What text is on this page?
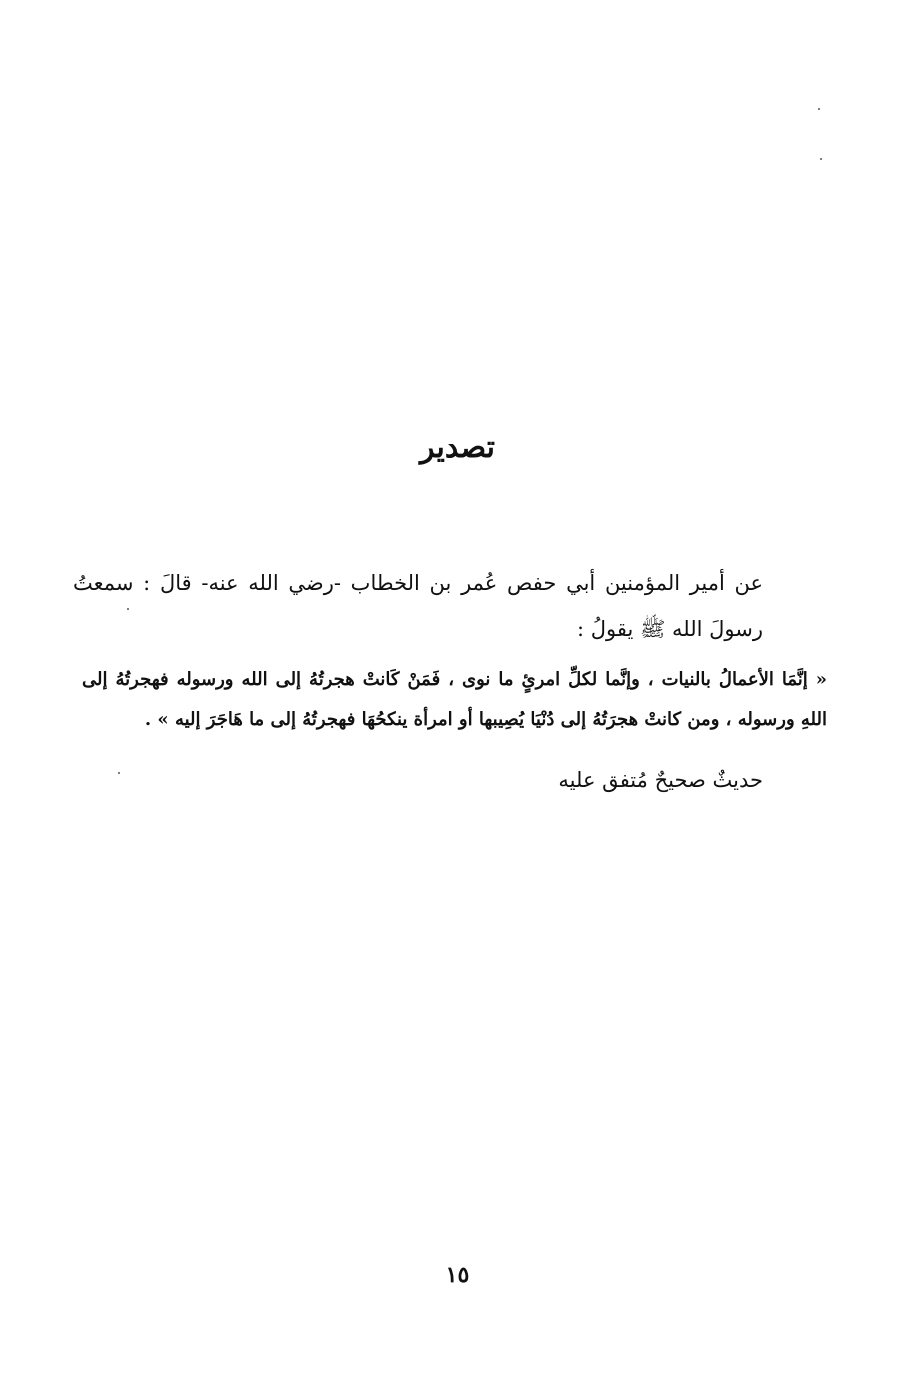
تصدير

عن أمير المؤمنين أبي حفص عُمر بن الخطاب -رضي الله عنه- قالَ : سمعتُ رسولَ الله ﷺ يقولُ :

« إنَّمَا الأعمالُ بالنيات ، وإنَّما لكلِّ امرئٍ ما نوى ، فَمَنْ كَانتْ هجرتُهُ إلى الله ورسوله فهجرتُهُ إلى اللهِ ورسوله ، ومن كانتْ هجرَتُهُ إلى دُنْيَا يُصِيبها أو امرأة ينكحُهَا فهجرتُهُ إلى ما هَاجَرَ إليه » .

حديثٌ صحيحٌ مُتفق عليه
١٥
